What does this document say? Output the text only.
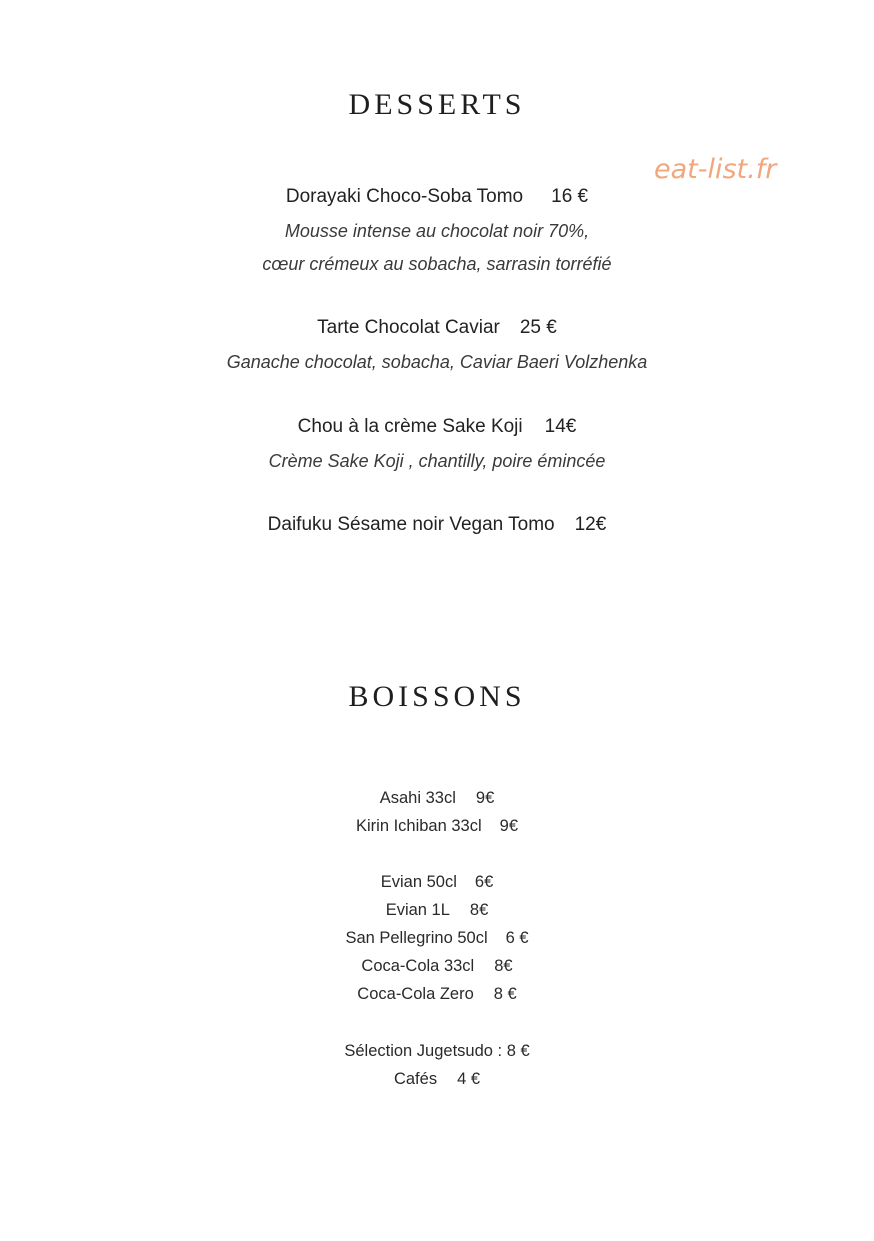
DESSERTS
eat-list.fr
Dorayaki Choco-Soba Tomo 16 €
Mousse intense au chocolat noir 70%,
cœur crémeux au sobacha, sarrasin torréfié
Tarte Chocolat Caviar 25 €
Ganache chocolat, sobacha, Caviar Baeri Volzhenka
Chou à la crème Sake Koji 14€
Crème Sake Koji , chantilly, poire émincée
Daifuku Sésame noir Vegan Tomo 12€
BOISSONS
Asahi 33cl 9€
Kirin Ichiban 33cl 9€
Evian 50cl 6€
Evian 1L 8€
San Pellegrino 50cl 6 €
Coca-Cola 33cl 8€
Coca-Cola Zero 8 €
Sélection Jugetsudo : 8 €
Cafés 4 €
